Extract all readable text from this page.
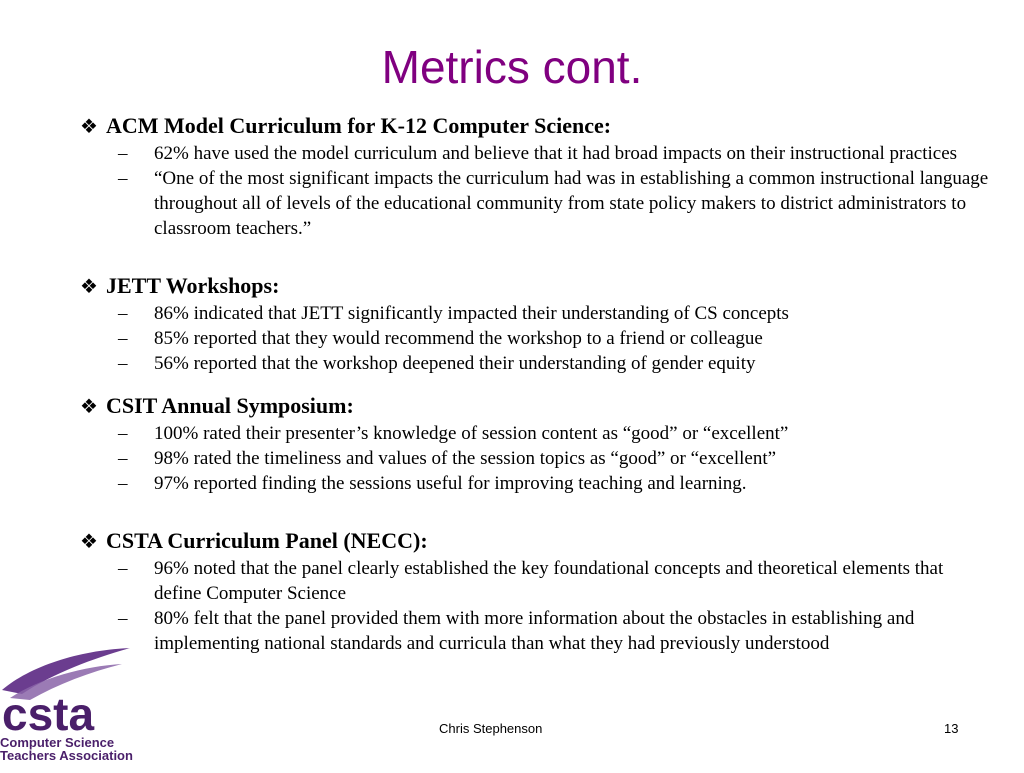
Metrics cont.
❖ ACM Model Curriculum for K-12 Computer Science:
–	62% have used the model curriculum and believe that it had broad impacts on their instructional practices
–	“One of the most significant impacts the curriculum had was in establishing a common instructional language throughout all of levels of the educational community from state policy makers to district administrators to classroom teachers.”
❖ JETT Workshops:
–	86% indicated that JETT significantly impacted their understanding of CS concepts
–	85% reported that they would recommend the workshop to a friend or colleague
–	56% reported that the workshop deepened their understanding of gender equity
❖ CSIT Annual Symposium:
–	100% rated their presenter’s knowledge of session content as “good” or “excellent”
–	98% rated the timeliness and values of the session topics as “good” or “excellent”
–	97% reported finding the sessions useful for improving teaching and learning.
❖ CSTA Curriculum Panel (NECC):
–	96% noted that the panel clearly established the key foundational concepts and theoretical elements that define Computer Science
–	80% felt that the panel provided them with more information about the obstacles in establishing and implementing national standards and curricula than what they had previously understood
csta
Computer Science
Teachers Association
Chris Stephenson	13
